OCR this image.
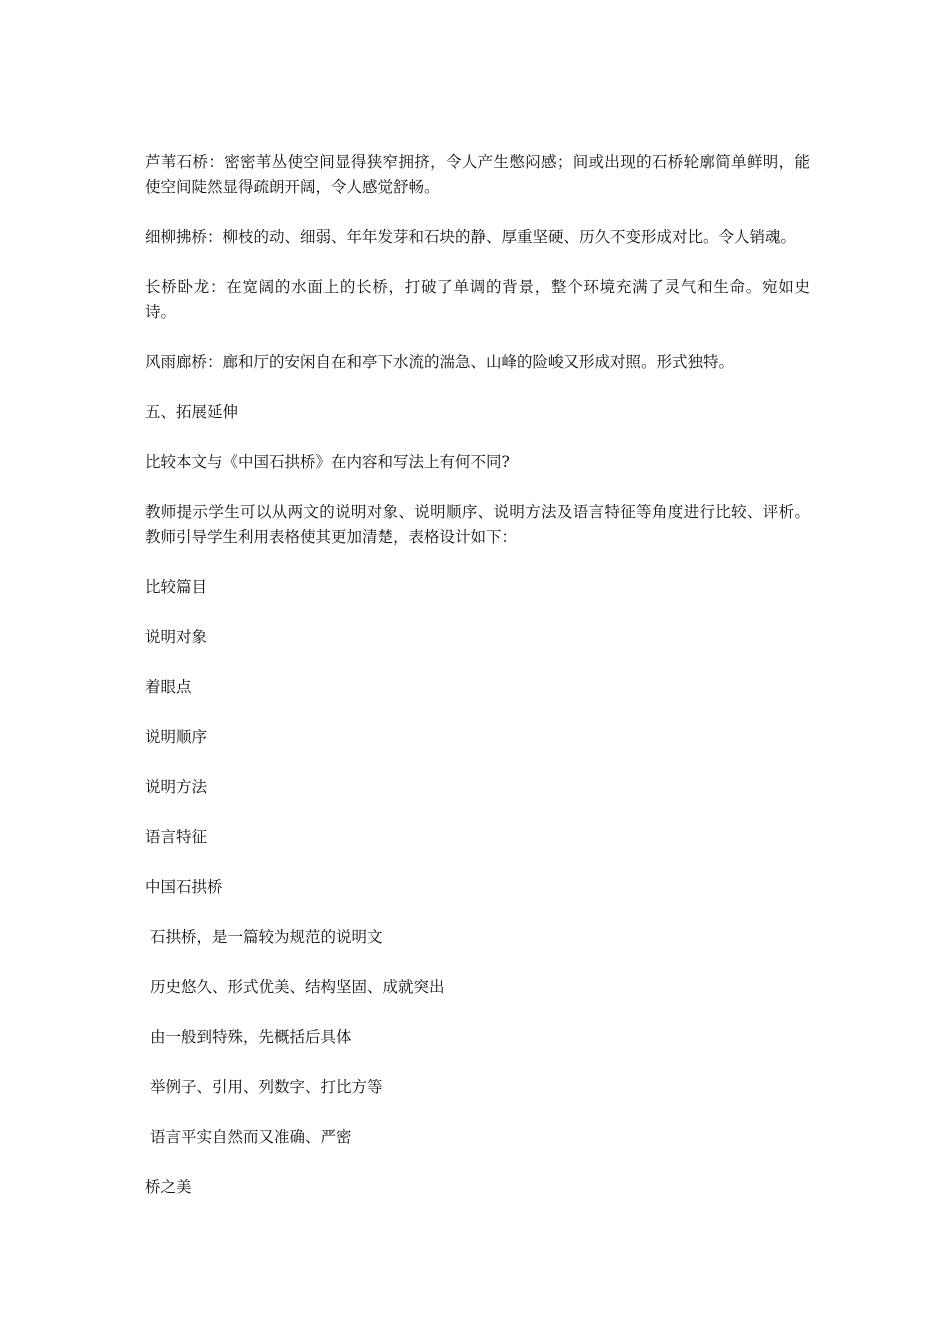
芦苇石桥：密密苇丛使空间显得狭窄拥挤，令人产生憋闷感；间或出现的石桥轮廓简单鲜明，能使空间陡然显得疏朗开阔，令人感觉舒畅。

细柳拂桥：柳枝的动、细弱、年年发芽和石块的静、厚重坚硬、历久不变形成对比。令人销魂。

长桥卧龙：在宽阔的水面上的长桥，打破了单调的背景，整个环境充满了灵气和生命。宛如史诗。

风雨廊桥：廊和厅的安闲自在和亭下水流的湍急、山峰的险峻又形成对照。形式独特。

五、拓展延伸

比较本文与《中国石拱桥》在内容和写法上有何不同?

教师提示学生可以从两文的说明对象、说明顺序、说明方法及语言特征等角度进行比较、评析。教师引导学生利用表格使其更加清楚，表格设计如下：

比较篇目

说明对象

着眼点

说明顺序

说明方法

语言特征

中国石拱桥

石拱桥，是一篇较为规范的说明文

历史悠久、形式优美、结构坚固、成就突出

由一般到特殊，先概括后具体

举例子、引用、列数字、打比方等

语言平实自然而又准确、严密

桥之美
